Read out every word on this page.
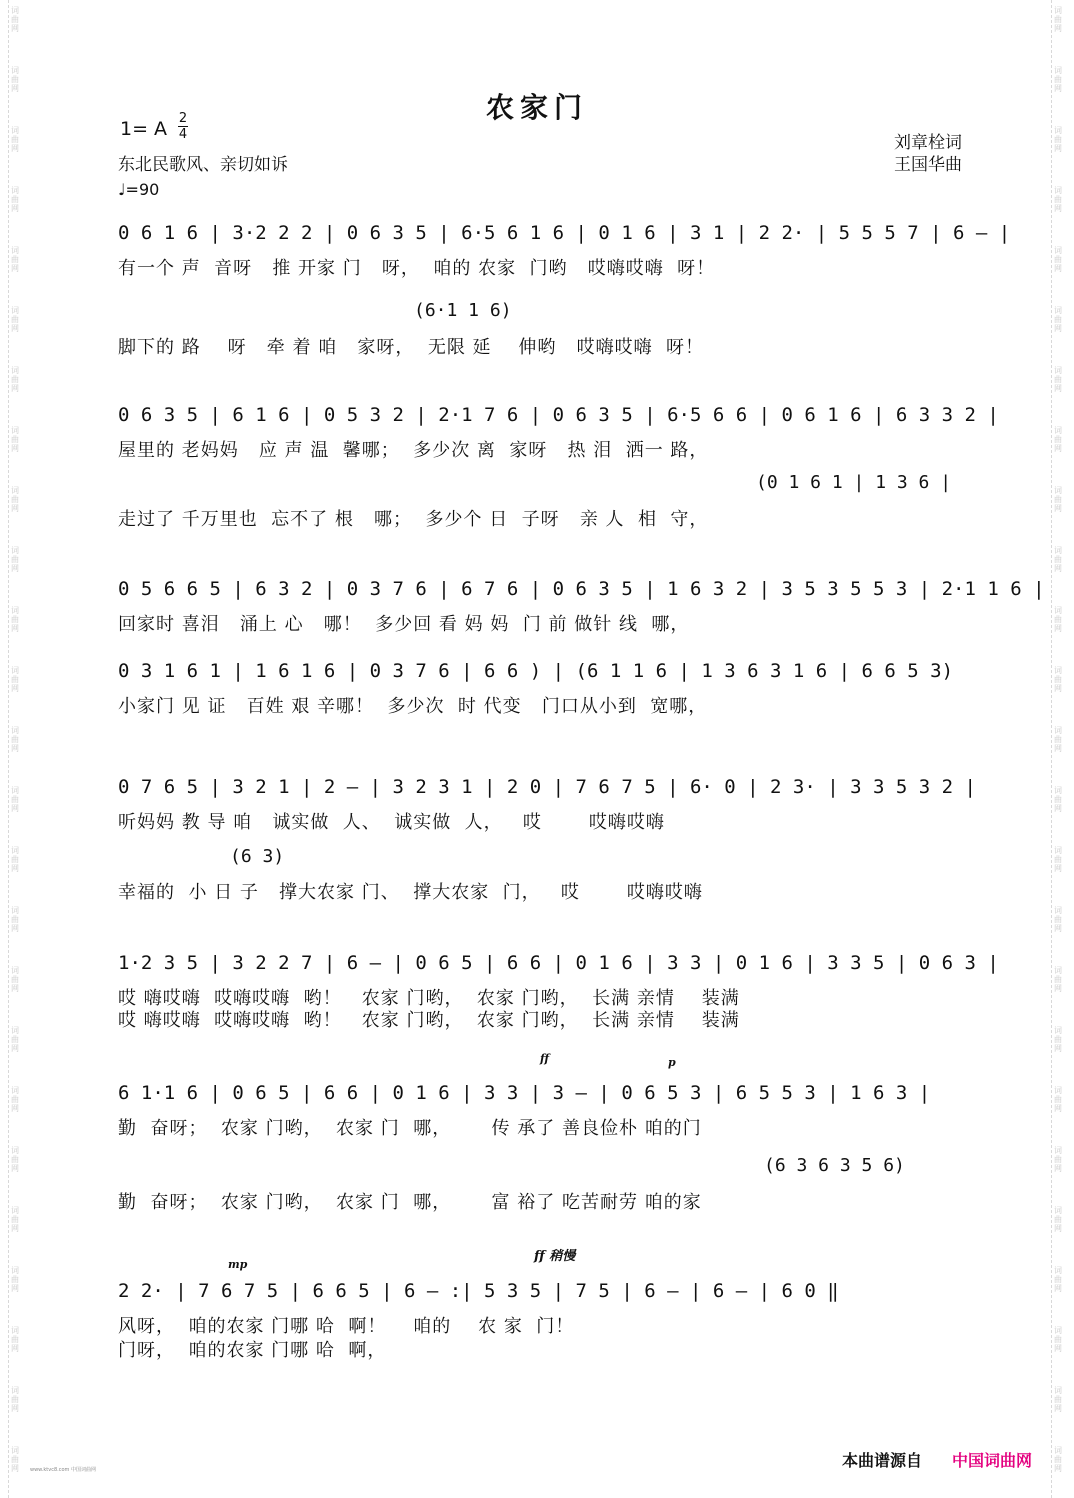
词
曲
网
词
曲
网
词
曲
网
词
曲
网
词
曲
网
词
曲
网
词
曲
网
词
曲
网
词
曲
网
词
曲
网
词
曲
网
词
曲
网
词
曲
网
词
曲
网
词
曲
网
词
曲
网
词
曲
网
词
曲
网
词
曲
网
词
曲
网
词
曲
网
词
曲
网
词
曲
网
词
曲
网
词
曲
网
词
曲
网
词
曲
网
词
曲
网
词
曲
网
词
曲
网
词
曲
网
词
曲
网
词
曲
网
词
曲
网
词
曲
网
词
曲
网
词
曲
网
词
曲
网
词
曲
网
词
曲
网
词
曲
网
词
曲
网
词
曲
网
词
曲
网
词
曲
网
词
曲
网
词
曲
网
词
曲
网
词
曲
网
词
曲
网
农家门
1= A 2
4
东北民歌风、亲切如诉
♩=90
刘章栓词
王国华曲
0 6 1 6 | 3·2 2 2 | 0 6 3 5 | 6·5 6 1 6 | 0 1 6 | 3 1 | 2 2· | 5 5 5 7 | 6 — |
有一个 声  音呀   推 开家 门   呀，  咱的 农家  门哟   哎嗨哎嗨  呀！
(6·1 1 6)
脚下的 路    呀   牵 着 咱   家呀，  无限 延    伸哟   哎嗨哎嗨  呀！
0 6 3 5 | 6 1 6 | 0 5 3 2 | 2·1 7 6 | 0 6 3 5 | 6·5 6 6 | 0 6 1 6 | 6 3 3 2 |
屋里的 老妈妈   应 声 温  馨哪；  多少次 离  家呀   热 泪  洒一 路，
(0 1 6 1 | 1 3 6 |
走过了 千万里也  忘不了 根   哪；  多少个 日  子呀   亲 人  相  守，
0 5 6 6 5 | 6 3 2 | 0 3 7 6 | 6 7 6 | 0 6 3 5 | 1 6 3 2 | 3 5 3 5 5 3 | 2·1 1 6 |
回家时 喜泪   涌上 心   哪！  多少回 看 妈 妈  门 前 做针 线  哪，
0 3 1 6 1 | 1 6 1 6 | 0 3 7 6 | 6 6 ) | (6 1 1 6 | 1 3 6 3 1 6 | 6 6 5 3)
小家门 见 证   百姓 艰 辛哪！  多少次  时 代变   门口从小到  宽哪，
0 7 6 5 | 3 2 1 | 2 — | 3 2 3 1 | 2 0 | 7 6 7 5 | 6· 0 | 2 3· | 3 3 5 3 2 |
听妈妈 教 导 咱   诚实做  人、  诚实做  人，   哎       哎嗨哎嗨
(6 3)
幸福的  小 日 子   撑大农家 门、  撑大农家  门，   哎       哎嗨哎嗨
1·2 3 5 | 3 2 2 7 | 6 — | 0 6 5 | 6 6 | 0 1 6 | 3 3 | 0 1 6 | 3 3 5 | 0 6 3 |
哎 嗨哎嗨  哎嗨哎嗨  哟！   农家 门哟，  农家 门哟，  长满 亲情    装满
哎 嗨哎嗨  哎嗨哎嗨  哟！   农家 门哟，  农家 门哟，  长满 亲情    装满
ff	p
6 1·1 6 | 0 6 5 | 6 6 | 0 1 6 | 3 3 | 3 — | 0 6 5 3 | 6 5 5 3 | 1 6 3 |
勤  奋呀；  农家 门哟，  农家 门  哪，      传 承了 善良俭朴 咱的门
(6 3 6 3 5 6)
勤  奋呀；  农家 门哟，  农家 门  哪，      富 裕了 吃苦耐劳 咱的家
mp
ff 稍慢
2 2· | 7 6 7 5 | 6 6 5 | 6 — :| 5 3 5 | 7 5 | 6 — | 6 — | 6 0 ‖
风呀，  咱的农家 门哪 哈  啊！    咱的    农 家  门！
门呀，  咱的农家 门哪 哈  啊，
本曲谱源自 中国词曲网
www.ktvc8.com 中国词曲网
